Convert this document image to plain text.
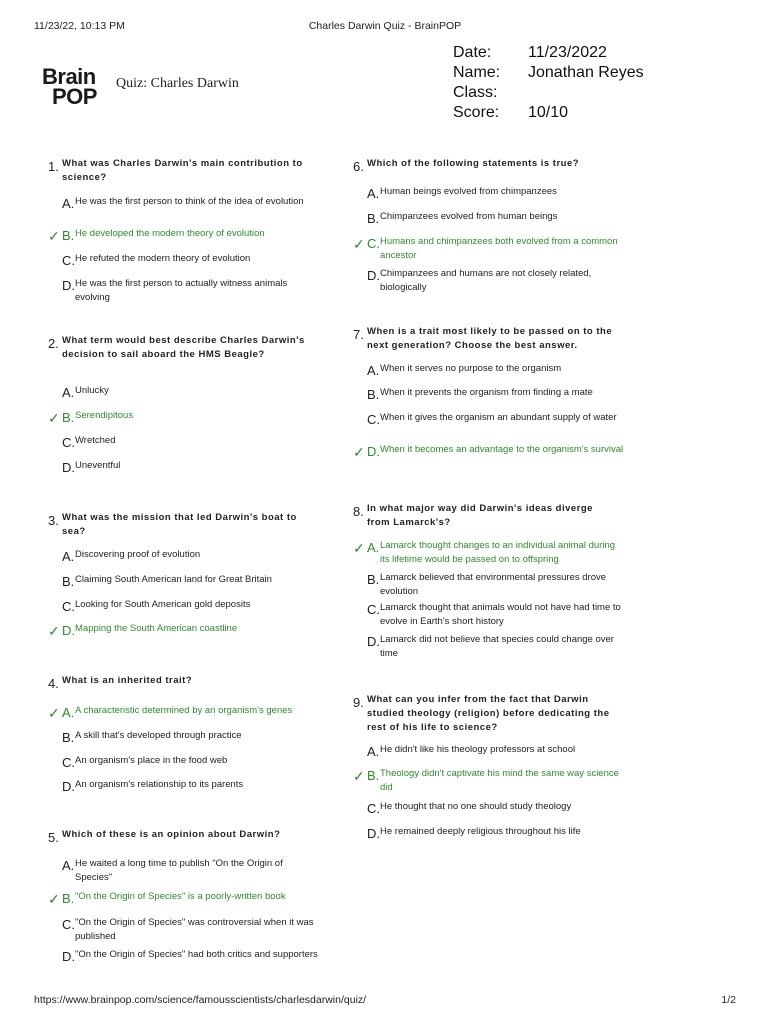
11/23/22, 10:13 PM	Charles Darwin Quiz - BrainPOP
Brain
POP
Quiz: Charles Darwin
Date: 11/23/2022
Name: Jonathan Reyes
Class:
Score: 10/10
1. What was Charles Darwin's main contribution to science?
A. He was the first person to think of the idea of evolution
✓ B. He developed the modern theory of evolution
C. He refuted the modern theory of evolution
D. He was the first person to actually witness animals evolving
2. What term would best describe Charles Darwin's decision to sail aboard the HMS Beagle?
A. Unlucky
✓ B. Serendipitous
C. Wretched
D. Uneventful
3. What was the mission that led Darwin's boat to sea?
A. Discovering proof of evolution
B. Claiming South American land for Great Britain
C. Looking for South American gold deposits
✓ D. Mapping the South American coastline
4. What is an inherited trait?
✓ A. A characteristic determined by an organism's genes
B. A skill that's developed through practice
C. An organism's place in the food web
D. An organism's relationship to its parents
5. Which of these is an opinion about Darwin?
A. He waited a long time to publish "On the Origin of Species"
✓ B. "On the Origin of Species" is a poorly-written book
C. "On the Origin of Species" was controversial when it was published
D. "On the Origin of Species" had both critics and supporters
6. Which of the following statements is true?
A. Human beings evolved from chimpanzees
B. Chimpanzees evolved from human beings
✓ C. Humans and chimpanzees both evolved from a common ancestor
D. Chimpanzees and humans are not closely related, biologically
7. When is a trait most likely to be passed on to the next generation? Choose the best answer.
A. When it serves no purpose to the organism
B. When it prevents the organism from finding a mate
C. When it gives the organism an abundant supply of water
✓ D. When it becomes an advantage to the organism's survival
8. In what major way did Darwin's ideas diverge from Lamarck's?
✓ A. Lamarck thought changes to an individual animal during its lifetime would be passed on to offspring
B. Lamarck believed that environmental pressures drove evolution
C. Lamarck thought that animals would not have had time to evolve in Earth's short history
D. Lamarck did not believe that species could change over time
9. What can you infer from the fact that Darwin studied theology (religion) before dedicating the rest of his life to science?
A. He didn't like his theology professors at school
✓ B. Theology didn't captivate his mind the same way science did
C. He thought that no one should study theology
D. He remained deeply religious throughout his life
https://www.brainpop.com/science/famousscientists/charlesdarwin/quiz/	1/2
